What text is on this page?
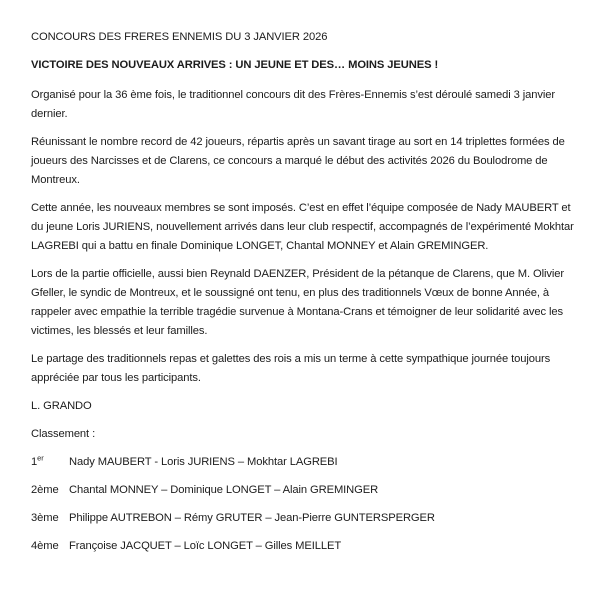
CONCOURS DES FRERES ENNEMIS DU 3 JANVIER 2026

VICTOIRE DES NOUVEAUX ARRIVES : UN JEUNE ET DES… MOINS JEUNES !

Organisé pour la 36 ème fois, le traditionnel concours dit des Frères-Ennemis s’est déroulé samedi 3 janvier dernier.

Réunissant le nombre record de 42 joueurs, répartis après un savant tirage au sort en 14 triplettes formées de joueurs des Narcisses et de Clarens, ce concours a marqué le début des activités 2026 du Boulodrome de Montreux.

Cette année, les nouveaux membres se sont imposés. C’est en effet l’équipe composée de Nady MAUBERT et du jeune Loris JURIENS, nouvellement arrivés dans leur club respectif, accompagnés de l’expérimenté Mokhtar LAGREBI qui a battu en finale Dominique LONGET, Chantal MONNEY et Alain GREMINGER.

Lors de la partie officielle, aussi bien Reynald DAENZER, Président de la pétanque de Clarens, que M. Olivier Gfeller, le syndic de Montreux, et le soussigné ont tenu, en plus des traditionnels Vœux de bonne Année, à rappeler avec empathie la terrible tragédie survenue à Montana-Crans et témoigner de leur solidarité avec les victimes, les blessés et leur familles.

Le partage des traditionnels repas et galettes des rois a mis un terme à cette sympathique journée toujours appréciée par tous les participants.

L. GRANDO

Classement :

1er	Nady MAUBERT - Loris JURIENS – Mokhtar LAGREBI
2ème Chantal MONNEY – Dominique LONGET – Alain GREMINGER
3ème Philippe AUTREBON – Rémy GRUTER – Jean-Pierre GUNTERSPERGER
4ème Françoise JACQUET – Loïc LONGET – Gilles MEILLET
